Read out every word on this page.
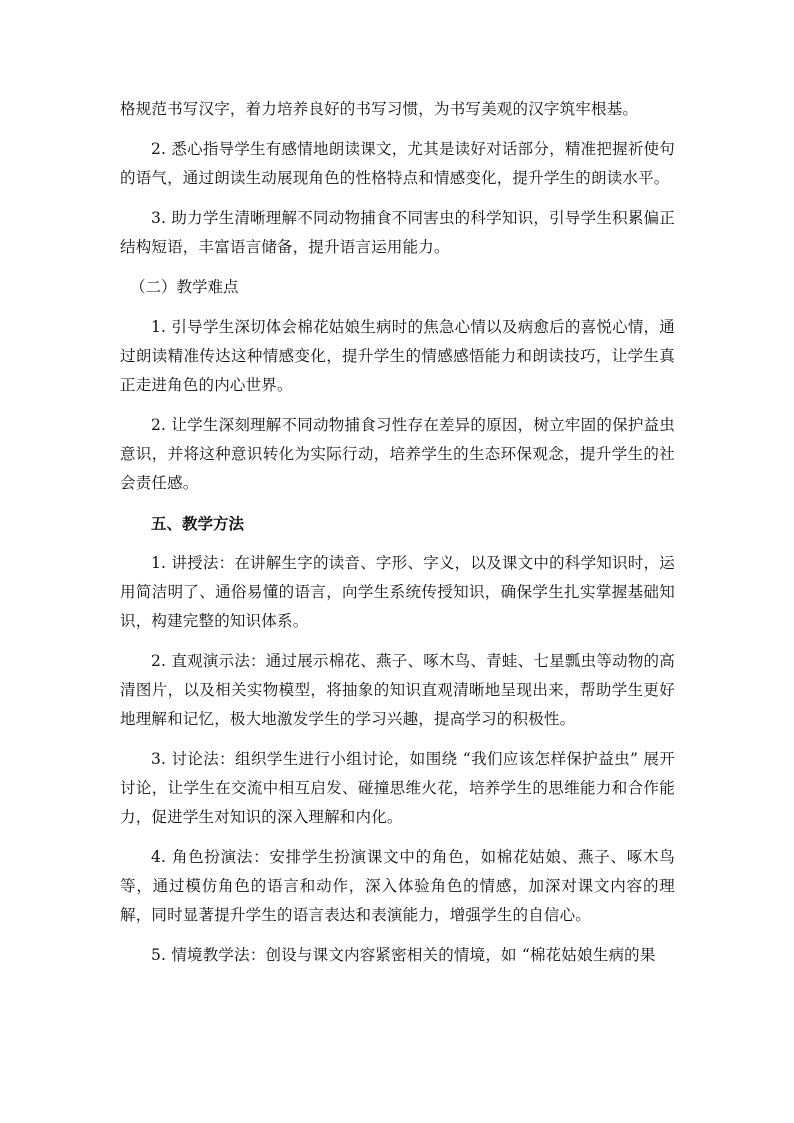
格规范书写汉字，着力培养良好的书写习惯，为书写美观的汉字筑牢根基。

2. 悉心指导学生有感情地朗读课文，尤其是读好对话部分，精准把握祈使句的语气，通过朗读生动展现角色的性格特点和情感变化，提升学生的朗读水平。

3. 助力学生清晰理解不同动物捕食不同害虫的科学知识，引导学生积累偏正结构短语，丰富语言储备，提升语言运用能力。

（二）教学难点

1. 引导学生深切体会棉花姑娘生病时的焦急心情以及病愈后的喜悦心情，通过朗读精准传达这种情感变化，提升学生的情感感悟能力和朗读技巧，让学生真正走进角色的内心世界。

2. 让学生深刻理解不同动物捕食习性存在差异的原因，树立牢固的保护益虫意识，并将这种意识转化为实际行动，培养学生的生态环保观念，提升学生的社会责任感。

五、教学方法

1. 讲授法：在讲解生字的读音、字形、字义，以及课文中的科学知识时，运用简洁明了、通俗易懂的语言，向学生系统传授知识，确保学生扎实掌握基础知识，构建完整的知识体系。

2. 直观演示法：通过展示棉花、燕子、啄木鸟、青蛙、七星瓢虫等动物的高清图片，以及相关实物模型，将抽象的知识直观清晰地呈现出来，帮助学生更好地理解和记忆，极大地激发学生的学习兴趣，提高学习的积极性。

3. 讨论法：组织学生进行小组讨论，如围绕 “我们应该怎样保护益虫” 展开讨论，让学生在交流中相互启发、碰撞思维火花，培养学生的思维能力和合作能力，促进学生对知识的深入理解和内化。

4. 角色扮演法：安排学生扮演课文中的角色，如棉花姑娘、燕子、啄木鸟等，通过模仿角色的语言和动作，深入体验角色的情感，加深对课文内容的理解，同时显著提升学生的语言表达和表演能力，增强学生的自信心。

5. 情境教学法：创设与课文内容紧密相关的情境，如 “棉花姑娘生病的果
